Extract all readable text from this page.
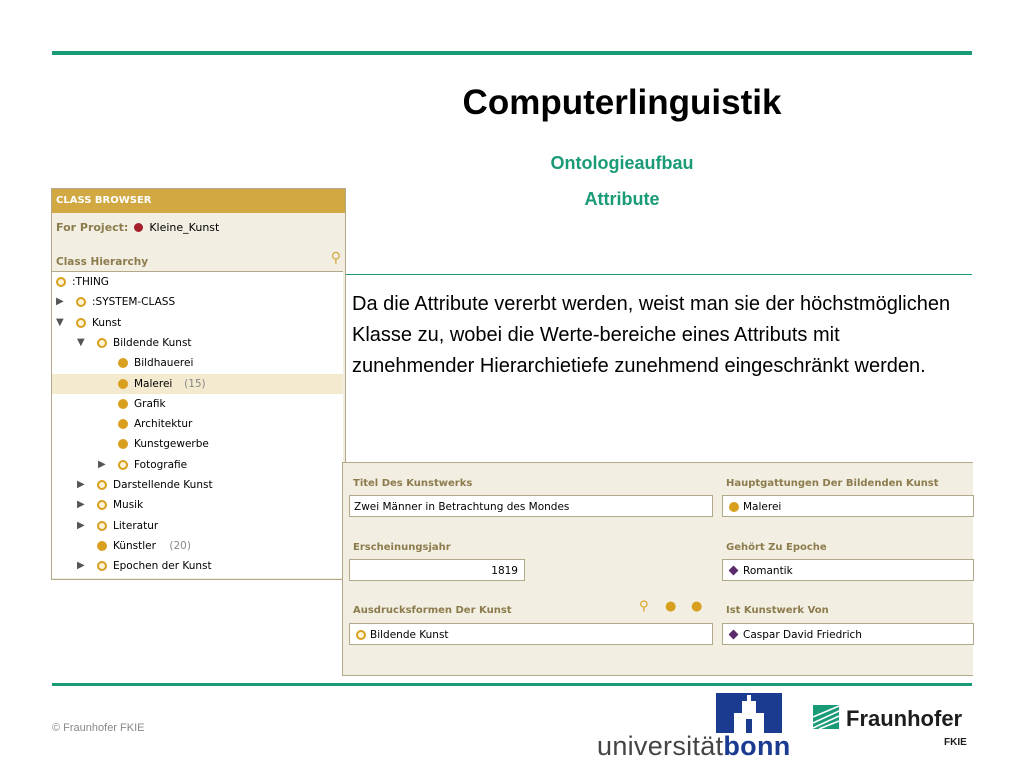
Computerlinguistik
Ontologieaufbau
Attribute
Da die Attribute vererbt werden, weist man sie der höchstmöglichen Klasse zu, wobei die Werte-bereiche eines Attributs mit zunehmender Hierarchietiefe zunehmend eingeschränkt werden.
CLASS BROWSER
For Project: Kleine_Kunst
Class Hierarchy	⚲
:THING
▶	:SYSTEM-CLASS
▼	Kunst
▼	Bildende Kunst
Bildhauerei
Malerei (15)
Grafik
Architektur
Kunstgewerbe
▶	Fotografie
▶	Darstellende Kunst
▶	Musik
▶	Literatur
Künstler (20)
▶	Epochen der Kunst
Titel Des Kunstwerks
Zwei Männer in Betrachtung des Mondes
Hauptgattungen Der Bildenden Kunst
Malerei
Erscheinungsjahr
1819
Gehört Zu Epoche
Romantik
Ausdrucksformen Der Kunst	⚲ ● ●
Bildende Kunst
Ist Kunstwerk Von
Caspar David Friedrich
© Fraunhofer FKIE
universitätbonn
Fraunhofer
FKIE
